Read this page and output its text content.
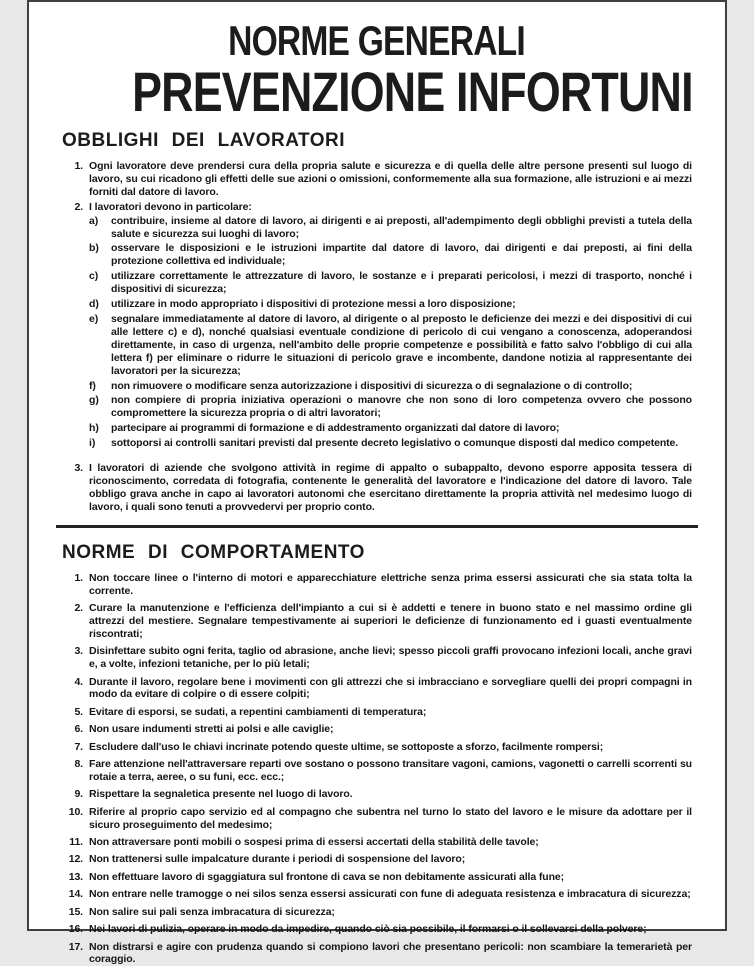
NORME GENERALI
PREVENZIONE INFORTUNI
OBBLIGHI DEI LAVORATORI
1. Ogni lavoratore deve prendersi cura della propria salute e sicurezza e di quella delle altre persone presenti sul luogo di lavoro, su cui ricadono gli effetti delle sue azioni o omissioni, conformemente alla sua formazione, alle istruzioni e ai mezzi forniti dal datore di lavoro.
2. I lavoratori devono in particolare:
a)	contribuire, insieme al datore di lavoro, ai dirigenti e ai preposti, all'adempimento degli obblighi previsti a tutela della salute e sicurezza sui luoghi di lavoro;
b)	osservare le disposizioni e le istruzioni impartite dal datore di lavoro, dai dirigenti e dai preposti, ai fini della protezione collettiva ed individuale;
c)	utilizzare correttamente le attrezzature di lavoro, le sostanze e i preparati pericolosi, i mezzi di trasporto, nonché i dispositivi di sicurezza;
d)	utilizzare in modo appropriato i dispositivi di protezione messi a loro disposizione;
e)	segnalare immediatamente al datore di lavoro, al dirigente o al preposto le deficienze dei mezzi e dei dispositivi di cui alle lettere c) e d), nonché qualsiasi eventuale condizione di pericolo di cui vengano a conoscenza, adoperandosi direttamente, in caso di urgenza, nell'ambito delle proprie competenze e possibilità e fatto salvo l'obbligo di cui alla lettera f) per eliminare o ridurre le situazioni di pericolo grave e incombente, dandone notizia al rappresentante dei lavoratori per la sicurezza;
f)	non rimuovere o modificare senza autorizzazione i dispositivi di sicurezza o di segnalazione o di controllo;
g)	non compiere di propria iniziativa operazioni o manovre che non sono di loro competenza ovvero che possono compromettere la sicurezza propria o di altri lavoratori;
h)	partecipare ai programmi di formazione e di addestramento organizzati dal datore di lavoro;
i)	sottoporsi ai controlli sanitari previsti dal presente decreto legislativo o comunque disposti dal medico competente.
3. I lavoratori di aziende che svolgono attività in regime di appalto o subappalto, devono esporre apposita tessera di riconoscimento, corredata di fotografia, contenente le generalità del lavoratore e l'indicazione del datore di lavoro. Tale obbligo grava anche in capo ai lavoratori autonomi che esercitano direttamente la propria attività nel medesimo luogo di lavoro, i quali sono tenuti a provvedervi per proprio conto.
NORME DI COMPORTAMENTO
1. Non toccare linee o l'interno di motori e apparecchiature elettriche senza prima essersi assicurati che sia stata tolta la corrente.
2. Curare la manutenzione e l'efficienza dell'impianto a cui si è addetti e tenere in buono stato e nel massimo ordine gli attrezzi del mestiere. Segnalare tempestivamente ai superiori le deficienze di funzionamento ed i guasti eventualmente riscontrati;
3. Disinfettare subito ogni ferita, taglio od abrasione, anche lievi; spesso piccoli graffi provocano infezioni locali, anche gravi e, a volte, infezioni tetaniche, per lo più letali;
4. Durante il lavoro, regolare bene i movimenti con gli attrezzi che si imbracciano e sorvegliare quelli dei propri compagni in modo da evitare di colpire o di essere colpiti;
5. Evitare di esporsi, se sudati, a repentini cambiamenti di temperatura;
6. Non usare indumenti stretti ai polsi e alle caviglie;
7. Escludere dall'uso le chiavi incrinate potendo queste ultime, se sottoposte a sforzo, facilmente rompersi;
8. Fare attenzione nell'attraversare reparti ove sostano o possono transitare vagoni, camions, vagonetti o carrelli scorrenti su rotaie a terra, aeree, o su funi, ecc. ecc.;
9. Rispettare la segnaletica presente nel luogo di lavoro.
10. Riferire al proprio capo servizio ed al compagno che subentra nel turno lo stato del lavoro e le misure da adottare per il sicuro proseguimento del medesimo;
11. Non attraversare ponti mobili o sospesi prima di essersi accertati della stabilità delle tavole;
12. Non trattenersi sulle impalcature durante i periodi di sospensione del lavoro;
13. Non effettuare lavoro di sgaggiatura sul frontone di cava se non debitamente assicurati alla fune;
14. Non entrare nelle tramogge o nei silos senza essersi assicurati con fune di adeguata resistenza e imbracatura di sicurezza;
15. Non salire sui pali senza imbracatura di sicurezza;
16. Nei lavori di pulizia, operare in modo da impedire, quando ciò sia possibile, il formarsi o il sollevarsi della polvere;
17. Non distrarsi e agire con prudenza quando si compiono lavori che presentano pericoli: non scambiare la temerarietà per coraggio.
